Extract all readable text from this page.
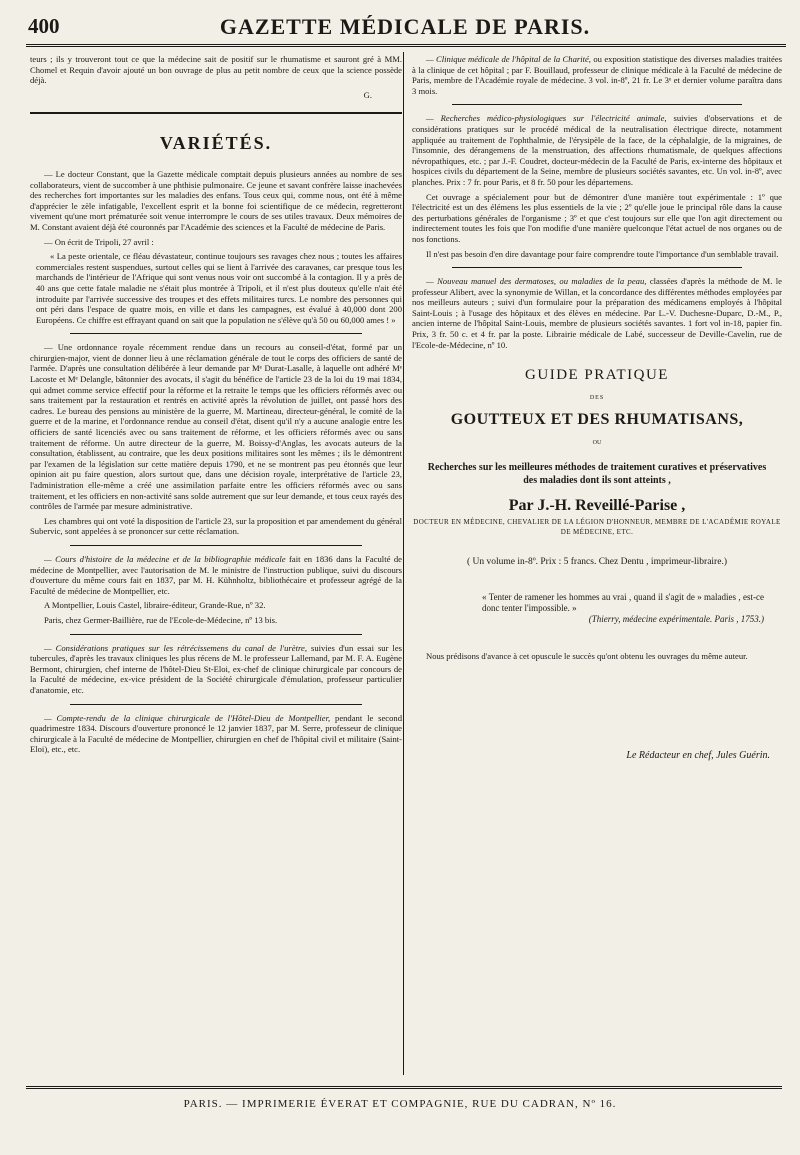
GAZETTE MÉDICALE DE PARIS.
400

teurs ; ils y trouveront tout ce que la médecine sait de positif sur le rhumatisme et sauront gré à MM. Chomel et Requin d'avoir ajouté un bon ouvrage de plus au petit nombre de ceux que la science possède déjà.

G.
VARIÉTÉS.

— Le docteur Constant, que la Gazette médicale comptait depuis plusieurs années au nombre de ses collaborateurs, vient de succomber à une phthisie pulmonaire. Ce jeune et savant confrère laisse inachevées des recherches fort importantes sur les maladies des enfans. Tous ceux qui, comme nous, ont été à même d'apprécier le zèle infatigable, l'excellent esprit et la bonne foi scientifique de ce médecin, regretteront vivement qu'une mort prématurée soit venue interrompre le cours de ses utiles travaux. Deux mémoires de M. Constant avaient déjà été couronnés par l'Académie des sciences et la Faculté de médecine de Paris.

— On écrit de Tripoli, 27 avril :

« La peste orientale, ce fléau dévastateur, continue toujours ses ravages chez nous ; toutes les affaires commerciales restent suspendues, surtout celles qui se lient à l'arrivée des caravanes, car presque tous les marchands de l'intérieur de l'Afrique qui sont venus nous voir ont succombé à la contagion. Il y a près de 40 ans que cette fatale maladie ne s'était plus montrée à Tripoli, et il n'est plus douteux qu'elle n'ait été introduite par l'arrivée successive des troupes et des effets militaires turcs. Le nombre des personnes qui ont péri dans l'espace de quatre mois, en ville et dans les campagnes, est évalué à 40,000 dont 200 Européens. Ce chiffre est effrayant quand on sait que la population ne s'élève qu'à 50 ou 60,000 ames ! »

— Une ordonnance royale récemment rendue dans un recours au conseil-d'état, formé par un chirurgien-major, vient de donner lieu à une réclamation générale de tout le corps des officiers de santé de l'armée. D'après une consultation délibérée à leur demande par Mᵉ Durat-Lasalle, à laquelle ont adhéré Mᵉ Lacoste et Mᵉ Delangle, bâtonnier des avocats, il s'agit du bénéfice de l'article 23 de la loi du 19 mai 1834, qui admet comme service effectif pour la réforme et la retraite le temps que les officiers réformés avec ou sans traitement par la restauration et rentrés en activité après la révolution de juillet, ont passé hors des cadres. Le bureau des pensions au ministère de la guerre, M. Martineau, directeur-général, le comité de la guerre et de la marine, et l'ordonnance rendue au conseil d'état, disent qu'il n'y a aucune analogie entre les officiers de santé licenciés avec ou sans traitement de réforme, et les officiers réformés avec ou sans traitement de réforme. Un autre directeur de la guerre, M. Boissy-d'Anglas, les avocats auteurs de la consultation, établissent, au contraire, que les deux positions militaires sont les mêmes ; ils le démontrent par l'examen de la législation sur cette matière depuis 1790, et ne se montrent pas peu étonnés que leur opinion ait pu faire question, alors surtout que, dans une décision royale, interprétative de l'article 23, l'administration elle-même a créé une assimilation parfaite entre les officiers réformés avec ou sans traitement, et les officiers en non-activité sans solde autrement que sur leur demande, et tous ceux rayés des contrôles de l'armée par mesure administrative.

Les chambres qui ont voté la disposition de l'article 23, sur la proposition et par amendement du général Subervic, sont appelées à se prononcer sur cette réclamation.

— Cours d'histoire de la médecine et de la bibliographie médicale fait en 1836 dans la Faculté de médecine de Montpellier, avec l'autorisation de M. le ministre de l'instruction publique, suivi du discours d'ouverture du même cours fait en 1837, par M. H. Kühnholtz, bibliothécaire et professeur agrégé de la Faculté de médecine de Montpellier, etc.

A Montpellier, Louis Castel, libraire-éditeur, Grande-Rue, nº 32.

Paris, chez Germer-Baillière, rue de l'Ecole-de-Médecine, nº 13 bis.

— Considérations pratiques sur les rétrécissemens du canal de l'urètre, suivies d'un essai sur les tubercules, d'après les travaux cliniques les plus récens de M. le professeur Lallemand, par M. F. A. Eugène Bermont, chirurgien, chef interne de l'hôtel-Dieu St-Eloi, ex-chef de clinique chirurgicale par concours de la Faculté de médecine, ex-vice président de la Société chirurgicale d'émulation, professeur particulier d'anatomie, etc.

— Compte-rendu de la clinique chirurgicale de l'Hôtel-Dieu de Montpellier, pendant le second quadrimestre 1834. Discours d'ouverture prononcé le 12 janvier 1837, par M. Serre, professeur de clinique chirurgicale à la Faculté de médecine de Montpellier, chirurgien en chef de l'hôpital civil et militaire (Saint-Eloi), etc., etc.

— Clinique médicale de l'hôpital de la Charité, ou exposition statistique des diverses maladies traitées à la clinique de cet hôpital ; par F. Bouillaud, professeur de clinique médicale à la Faculté de médecine de Paris, membre de l'Académie royale de médecine. 3 vol. in-8º, 21 fr. Le 3ᵉ et dernier volume paraîtra dans 3 mois.

— Recherches médico-physiologiques sur l'électricité animale, suivies d'observations et de considérations pratiques sur le procédé médical de la neutralisation électrique directe, notamment appliquée au traitement de l'ophthalmie, de l'érysipèle de la face, de la céphalalgie, de la migraines, de l'insomnie, des dérangemens de la menstruation, des affections rhumatismale, de quelques affections névropathiques, etc. ; par J.-F. Coudret, docteur-médecin de la Faculté de Paris, ex-interne des hôpitaux et hospices civils du département de la Seine, membre de plusieurs sociétés savantes, etc. Un vol. in-8º, avec planches. Prix : 7 fr. pour Paris, et 8 fr. 50 pour les départemens.

Cet ouvrage a spécialement pour but de démontrer d'une manière tout expérimentale : 1º que l'électricité est un des élémens les plus essentiels de la vie ; 2º qu'elle joue le principal rôle dans la cause des perturbations générales de l'organisme ; 3º et que c'est toujours sur elle que l'on agit directement ou indirectement toutes les fois que l'on modifie d'une manière quelconque l'état actuel de nos organes ou de nos fonctions.

Il n'est pas besoin d'en dire davantage pour faire comprendre toute l'importance d'un semblable travail.

— Nouveau manuel des dermatoses, ou maladies de la peau, classées d'après la méthode de M. le professeur Alibert, avec la synonymie de Willan, et la concordance des différentes méthodes employées par nos meilleurs auteurs ; suivi d'un formulaire pour la préparation des médicamens employés à l'hôpital Saint-Louis ; à l'usage des hôpitaux et des élèves en médecine. Par L.-V. Duchesne-Duparc, D.-M., P., ancien interne de l'hôpital Saint-Louis, membre de plusieurs sociétés savantes. 1 fort vol in-18, papier fin. Prix, 3 fr. 50 c. et 4 fr. par la poste. Librairie médicale de Labé, successeur de Deville-Cavelin, rue de l'Ecole-de-Médecine, nº 10.

GUIDE PRATIQUE
DES
GOUTTEUX ET DES RHUMATISANS,
OU
Recherches sur les meilleures méthodes de traitement curatives et préservatives des maladies dont ils sont atteints ,
Par J.-H. Reveillé-Parise ,
DOCTEUR EN MÉDECINE, CHEVALIER DE LA LÉGION D'HONNEUR, MEMBRE DE L'ACADÉMIE ROYALE DE MÉDECINE, ETC.
( Un volume in-8º. Prix : 5 francs. Chez Dentu , imprimeur-libraire.)
« Tenter de ramener les hommes au vrai , quand il s'agit de » maladies , est-ce donc tenter l'impossible. »
(Thierry, médecine expérimentale. Paris , 1753.)

Nous prédisons d'avance à cet opuscule le succès qu'ont obtenu les ouvrages du même auteur.

Le Rédacteur en chef, Jules Guérin.
PARIS. — IMPRIMERIE ÉVERAT ET COMPAGNIE, RUE DU CADRAN, Nº 16.
